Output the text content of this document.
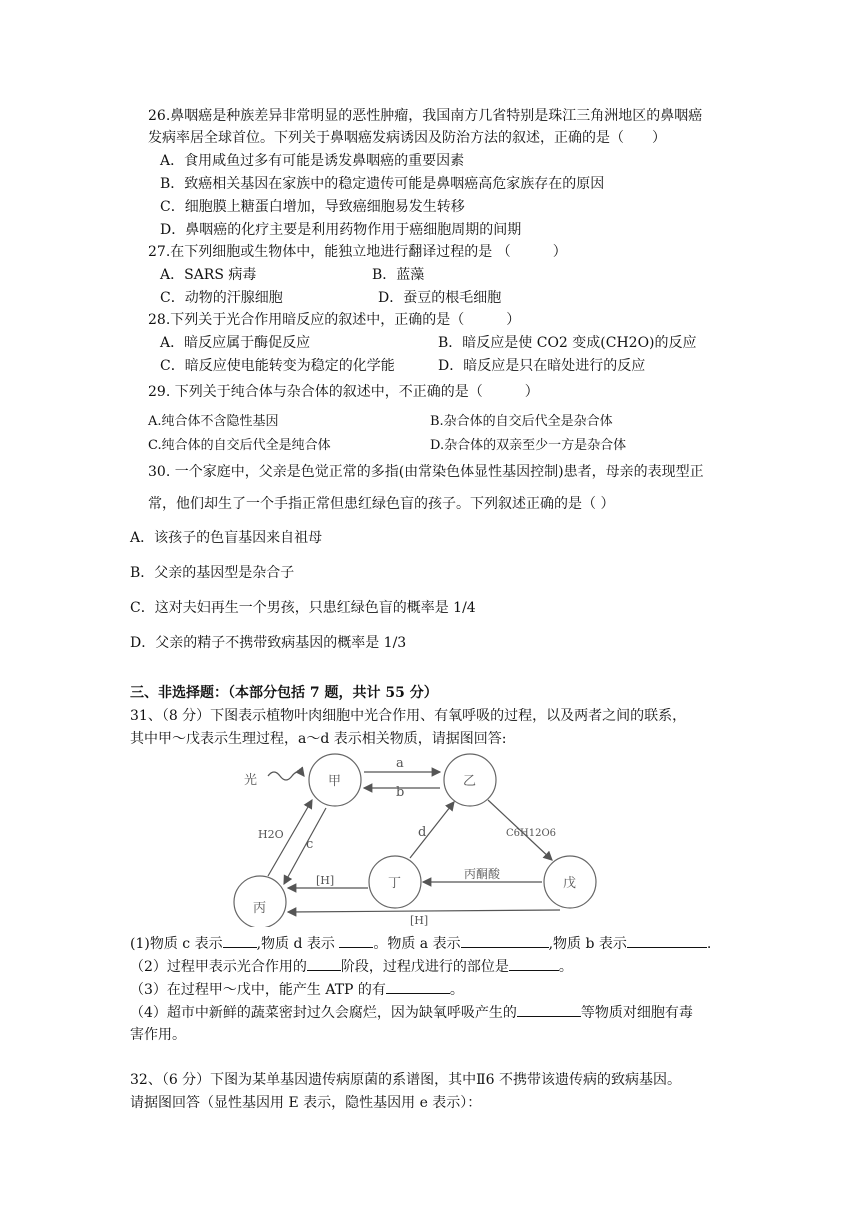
26.鼻咽癌是种族差异非常明显的恶性肿瘤，我国南方几省特别是珠江三角洲地区的鼻咽癌
发病率居全球首位。下列关于鼻咽癌发病诱因及防治方法的叙述，正确的是（　　）
A．食用咸鱼过多有可能是诱发鼻咽癌的重要因素
B．致癌相关基因在家族中的稳定遗传可能是鼻咽癌高危家族存在的原因
C．细胞膜上糖蛋白增加，导致癌细胞易发生转移
D．鼻咽癌的化疗主要是利用药物作用于癌细胞周期的间期
27.在下列细胞或生物体中，能独立地进行翻译过程的是 （　　　）
A．SARS 病毒	B．蓝藻
C．动物的汗腺细胞	D．蚕豆的根毛细胞
28.下列关于光合作用暗反应的叙述中，正确的是（　　　）
A．暗反应属于酶促反应	B．暗反应是使 CO2 变成(CH2O)的反应
C．暗反应使电能转变为稳定的化学能	D．暗反应是只在暗处进行的反应
29. 下列关于纯合体与杂合体的叙述中，不正确的是（　　　）
A.纯合体不含隐性基因	B.杂合体的自交后代全是杂合体
C.纯合体的自交后代全是纯合体	D.杂合体的双亲至少一方是杂合体
30. 一个家庭中，父亲是色觉正常的多指(由常染色体显性基因控制)患者，母亲的表现型正
常，他们却生了一个手指正常但患红绿色盲的孩子。下列叙述正确的是（ ）
A．该孩子的色盲基因来自祖母
B．父亲的基因型是杂合子
C．这对夫妇再生一个男孩，只患红绿色盲的概率是 1/4
D．父亲的精子不携带致病基因的概率是 1/3
三、非选择题：（本部分包括 7 题，共计 55 分）
31、（8 分）下图表示植物叶肉细胞中光合作用、有氧呼吸的过程，以及两者之间的联系，
其中甲～戊表示生理过程，a～d 表示相关物质，请据图回答:
光	甲	乙
丙
丁	戊
a
b
c
d
H2O	C6H12O6
丙酮酸
[H]
[H]
(1)物质 c 表示 ,物质 d 表示 。物质 a 表示	,物质 b 表示	.
（2）过程甲表示光合作用的 阶段，过程戊进行的部位是	。
（3）在过程甲～戊中，能产生 ATP 的有	。
（4）超市中新鲜的蔬菜密封过久会腐烂，因为缺氧呼吸产生的	等物质对细胞有毒
害作用。
32、（6 分）下图为某单基因遗传病原菌的系谱图，其中Ⅱ6 不携带该遗传病的致病基因。
请据图回答（显性基因用 E 表示，隐性基因用 e 表示）：
